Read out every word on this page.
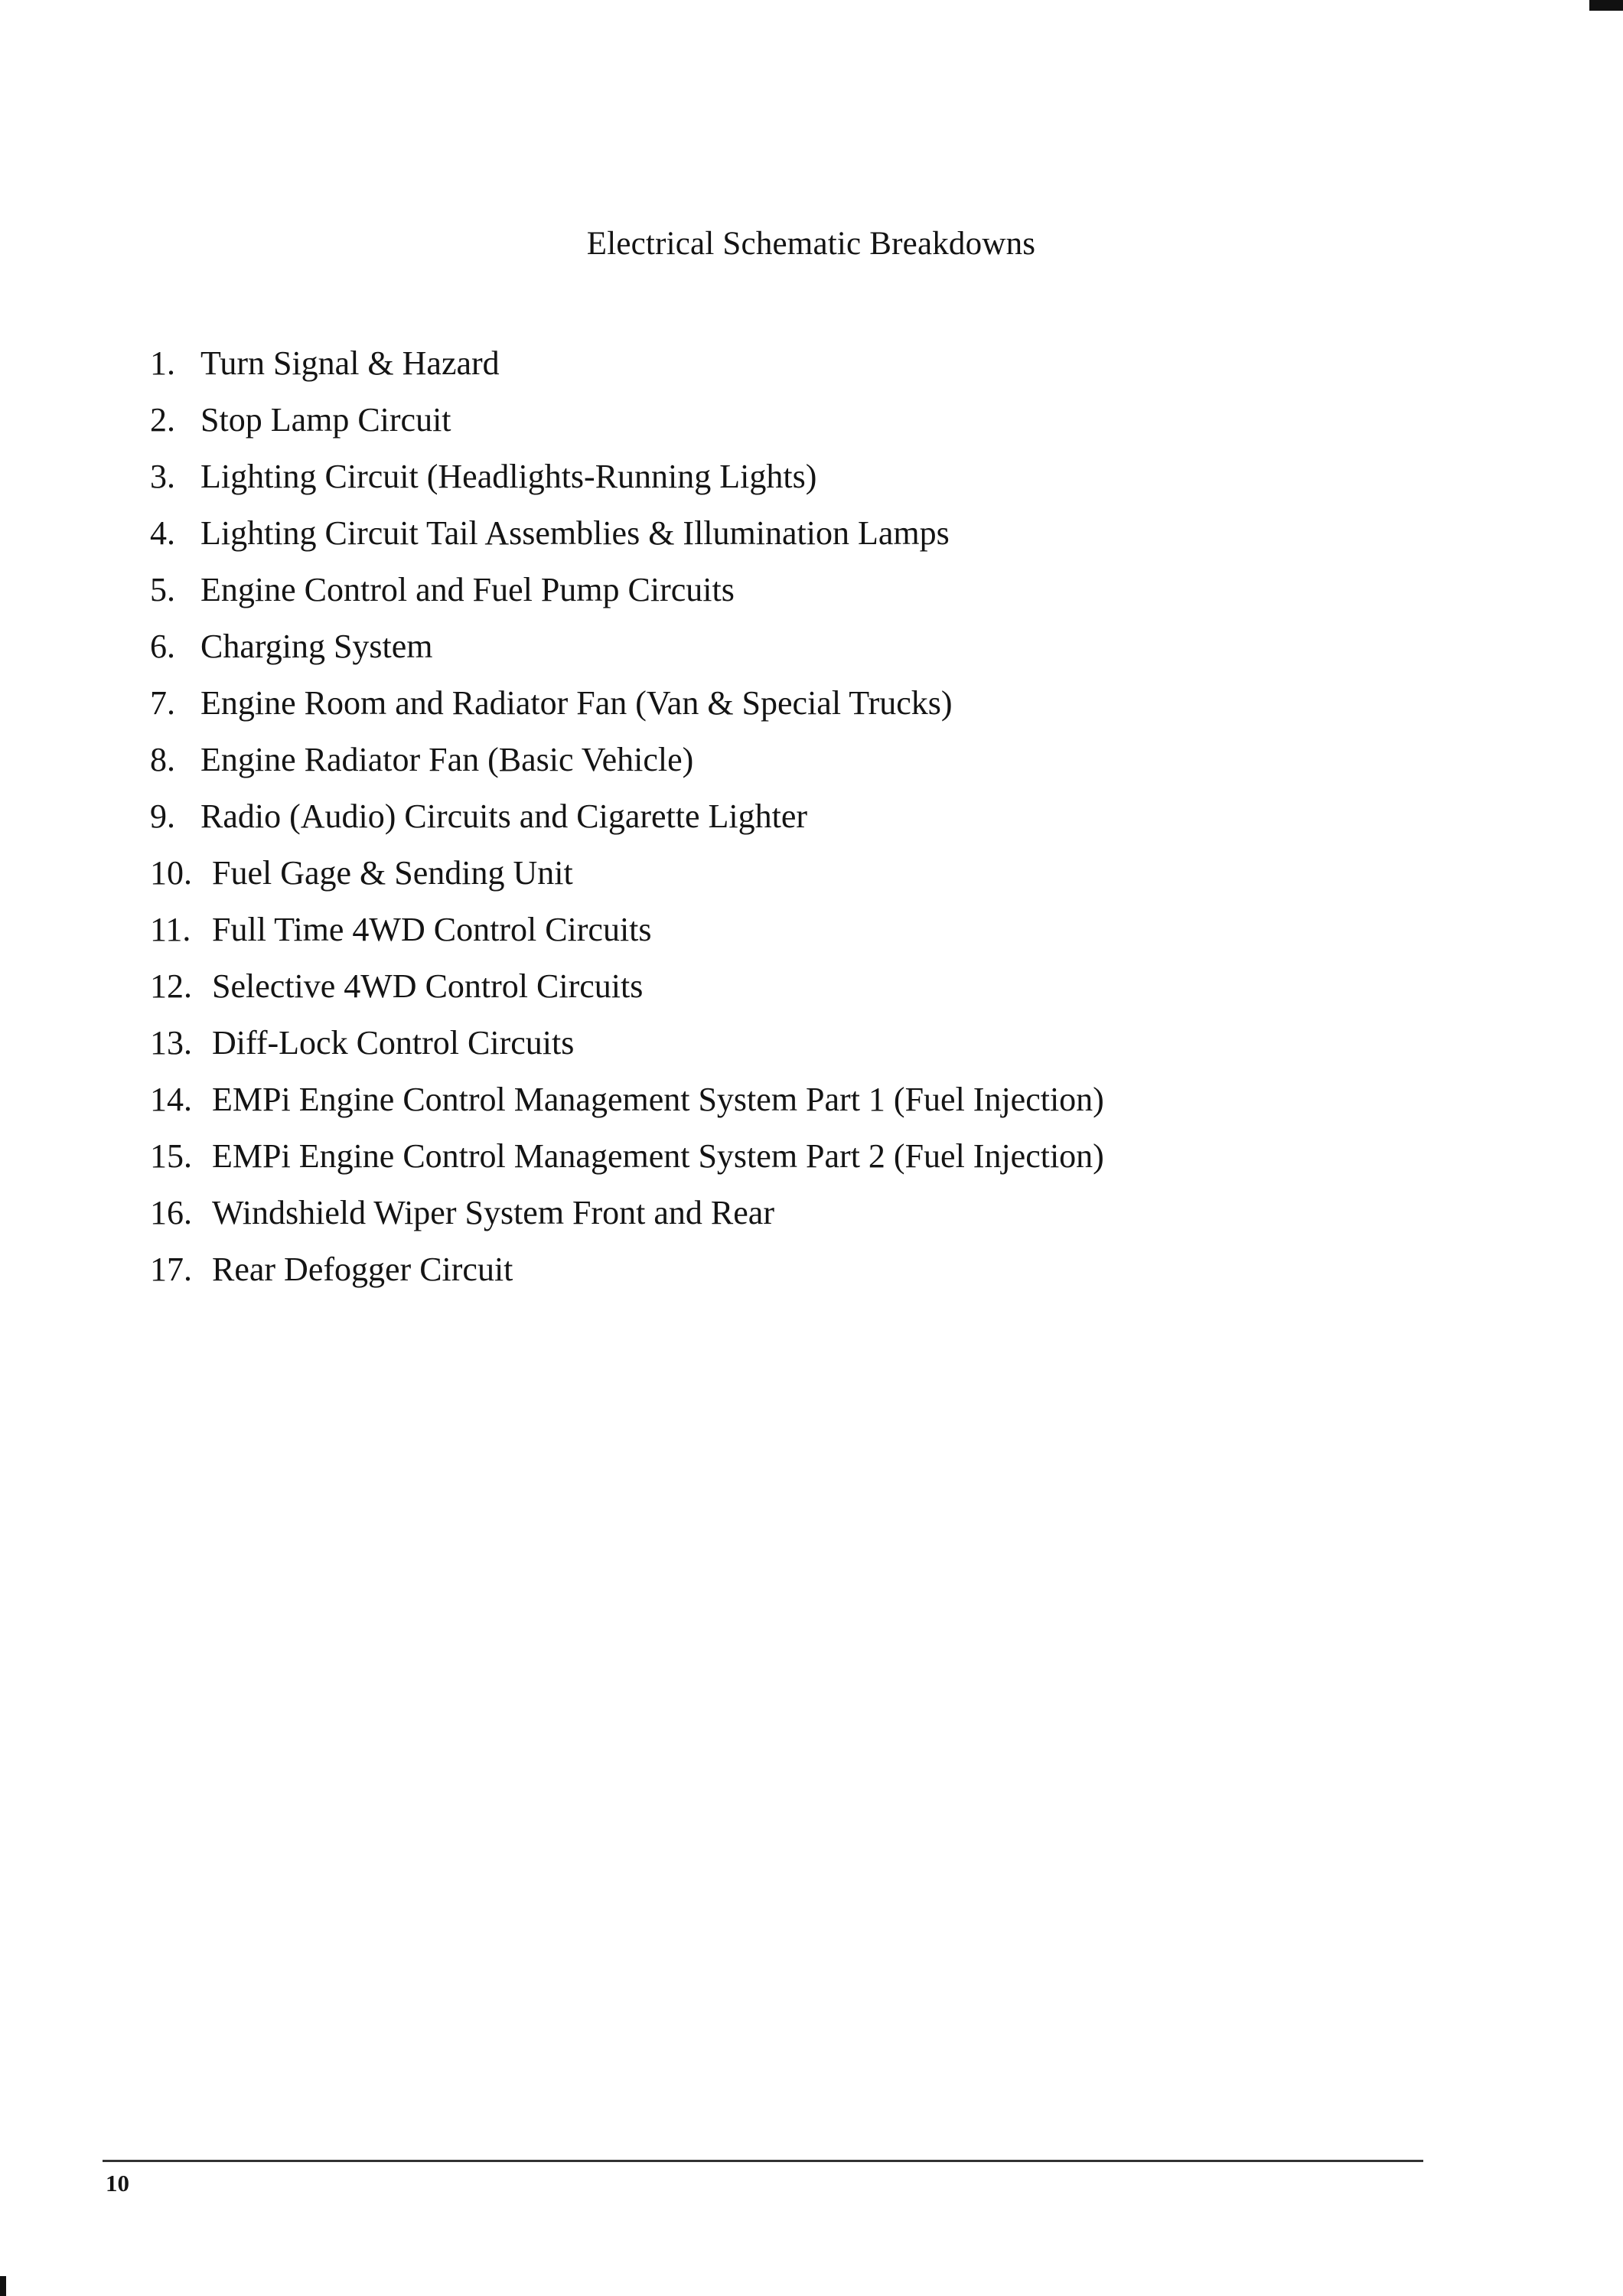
Electrical Schematic Breakdowns
1. Turn Signal & Hazard
2. Stop Lamp Circuit
3. Lighting Circuit (Headlights-Running Lights)
4. Lighting Circuit Tail Assemblies & Illumination Lamps
5. Engine Control and Fuel Pump Circuits
6. Charging System
7. Engine Room and Radiator Fan (Van & Special Trucks)
8. Engine Radiator Fan (Basic Vehicle)
9. Radio (Audio) Circuits and Cigarette Lighter
10. Fuel Gage & Sending Unit
11. Full Time 4WD Control Circuits
12. Selective 4WD Control Circuits
13. Diff-Lock Control Circuits
14. EMPi Engine Control Management System Part 1 (Fuel Injection)
15. EMPi Engine Control Management System Part 2 (Fuel Injection)
16. Windshield Wiper System Front and Rear
17. Rear Defogger Circuit
10
